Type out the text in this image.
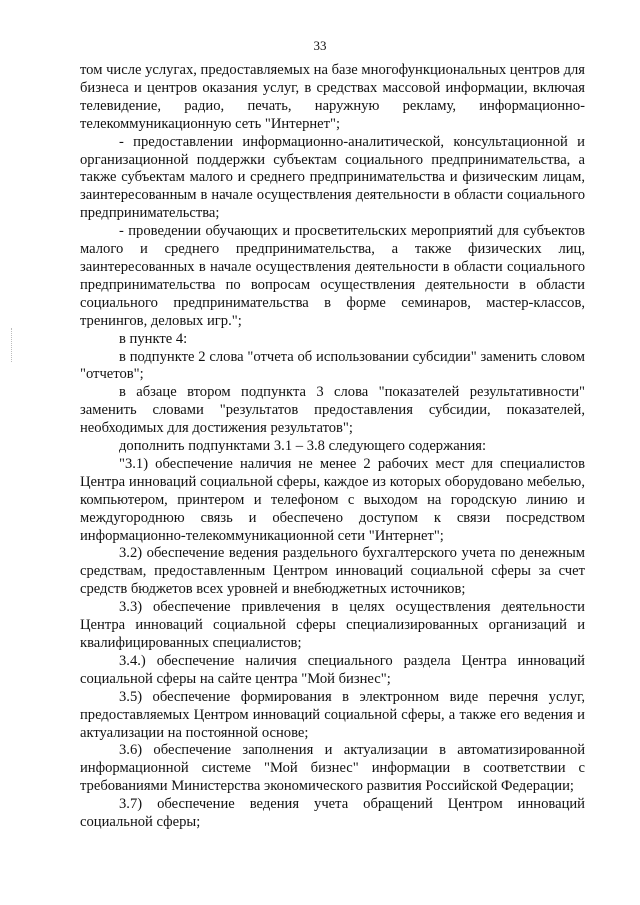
33

том числе услугах, предоставляемых на базе многофункциональных центров для бизнеса и центров оказания услуг, в средствах массовой информации, включая телевидение, радио, печать, наружную рекламу, информационно-телекоммуникационную сеть "Интернет";

- предоставлении информационно-аналитической, консультационной и организационной поддержки субъектам социального предпринимательства, а также субъектам малого и среднего предпринимательства и физическим лицам, заинтересованным в начале осуществления деятельности в области социального предпринимательства;

- проведении обучающих и просветительских мероприятий для субъектов малого и среднего предпринимательства, а также физических лиц, заинтересованных в начале осуществления деятельности в области социального предпринимательства по вопросам осуществления деятельности в области социального предпринимательства в форме семинаров, мастер-классов, тренингов, деловых игр.";

в пункте 4:

в подпункте 2 слова "отчета об использовании субсидии" заменить словом "отчетов";

в абзаце втором подпункта 3 слова "показателей результативности" заменить словами "результатов предоставления субсидии, показателей, необходимых для достижения результатов";

дополнить подпунктами 3.1 – 3.8 следующего содержания:

"3.1) обеспечение наличия не менее 2 рабочих мест для специалистов Центра инноваций социальной сферы, каждое из которых оборудовано мебелью, компьютером, принтером и телефоном с выходом на городскую линию и междугороднюю связь и обеспечено доступом к связи посредством информационно-телекоммуникационной сети "Интернет";

3.2) обеспечение ведения раздельного бухгалтерского учета по денежным средствам, предоставленным Центром инноваций социальной сферы за счет средств бюджетов всех уровней и внебюджетных источников;

3.3) обеспечение привлечения в целях осуществления деятельности Центра инноваций социальной сферы специализированных организаций и квалифицированных специалистов;

3.4.) обеспечение наличия специального раздела Центра инноваций социальной сферы на сайте центра "Мой бизнес";

3.5) обеспечение формирования в электронном виде перечня услуг, предоставляемых Центром инноваций социальной сферы, а также его ведения и актуализации на постоянной основе;

3.6) обеспечение заполнения и актуализации в автоматизированной информационной системе "Мой бизнес" информации в соответствии с требованиями Министерства экономического развития Российской Федерации;

3.7) обеспечение ведения учета обращений Центром инноваций социальной сферы;
